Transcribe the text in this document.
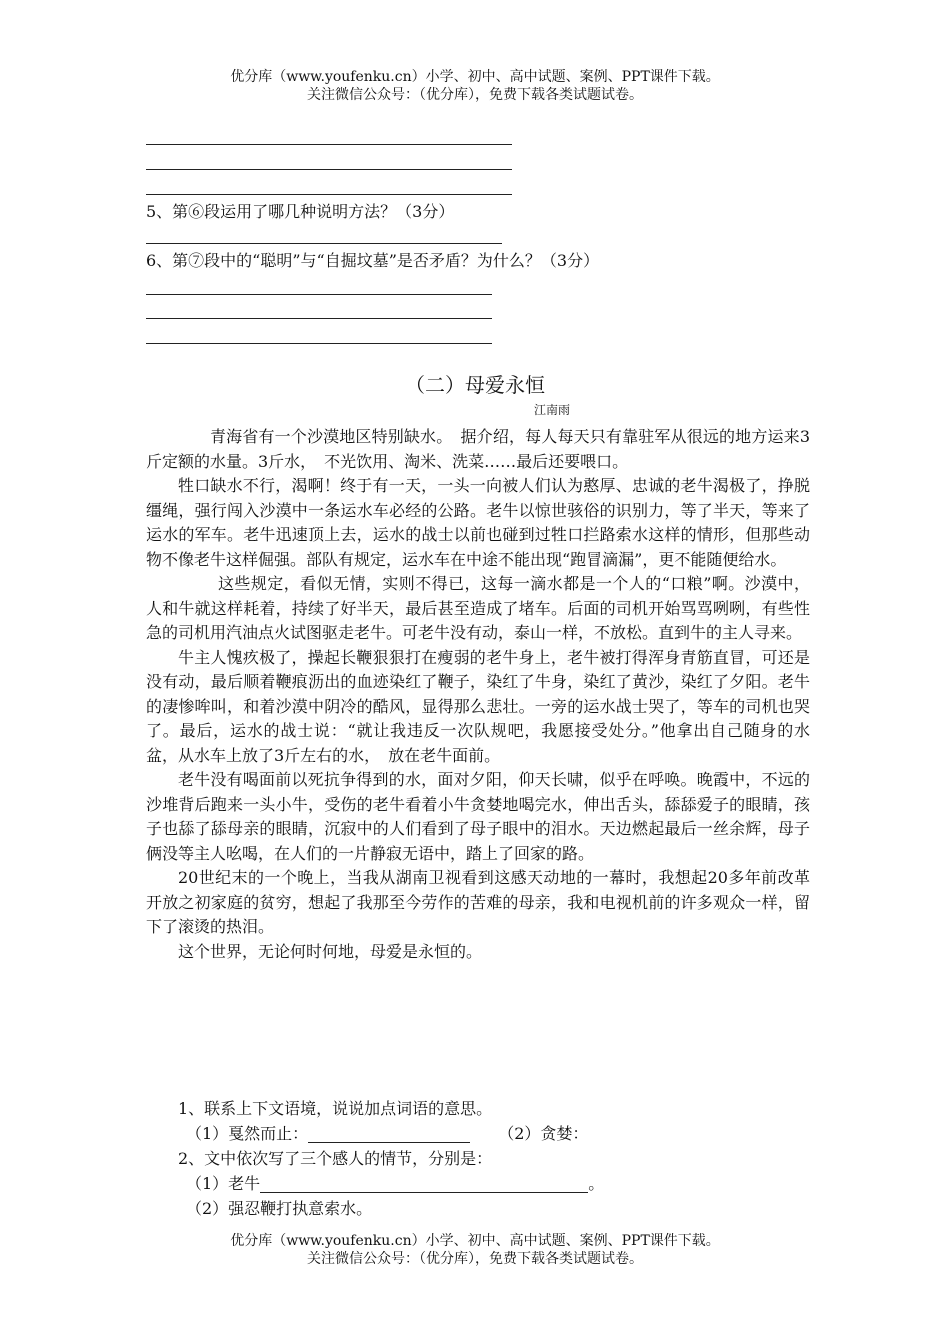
优分库（www.youfenku.cn）小学、初中、高中试题、案例、PPT课件下载。
关注微信公众号：（优分库），免费下载各类试题试卷。
5、第⑥段运用了哪几种说明方法？（3分）
6、第⑦段中的“聪明”与“自掘坟墓”是否矛盾？为什么？（3分）
（二）母爱永恒
江南雨

青海省有一个沙漠地区特别缺水。　据介绍，每人每天只有靠驻军从很远的地方运来3斤定额的水量。3斤水，　不光饮用、淘米、洗菜……最后还要喂口。

牲口缺水不行，渴啊！终于有一天，一头一向被人们认为憨厚、忠诚的老牛渴极了，挣脱缰绳，强行闯入沙漠中一条运水车必经的公路。老牛以惊世骇俗的识别力，等了半天，等来了运水的军车。老牛迅速顶上去，运水的战士以前也碰到过牲口拦路索水这样的情形，但那些动物不像老牛这样倔强。部队有规定，运水车在中途不能出现“跑冒滴漏”，更不能随便给水。

这些规定，看似无情，实则不得已，这每一滴水都是一个人的“口粮”啊。沙漠中，人和牛就这样耗着，持续了好半天，最后甚至造成了堵车。后面的司机开始骂骂咧咧，有些性急的司机用汽油点火试图驱走老牛。可老牛没有动，泰山一样，不放松。直到牛的主人寻来。

牛主人愧疚极了，操起长鞭狠狠打在瘦弱的老牛身上，老牛被打得浑身青筋直冒，可还是没有动，最后顺着鞭痕沥出的血迹染红了鞭子，染红了牛身，染红了黄沙，染红了夕阳。老牛的凄惨哞叫，和着沙漠中阴冷的酷风，显得那么悲壮。一旁的运水战士哭了，等车的司机也哭了。最后，运水的战士说：“就让我违反一次队规吧，我愿接受处分。”他拿出自己随身的水盆，从水车上放了3斤左右的水，　放在老牛面前。

老牛没有喝面前以死抗争得到的水，面对夕阳，仰天长啸，似乎在呼唤。晚霞中，不远的沙堆背后跑来一头小牛，受伤的老牛看着小牛贪婪地喝完水，伸出舌头，舔舔爱子的眼睛，孩子也舔了舔母亲的眼睛，沉寂中的人们看到了母子眼中的泪水。天边燃起最后一丝余辉，母子俩没等主人吆喝，在人们的一片静寂无语中，踏上了回家的路。

20世纪末的一个晚上，当我从湖南卫视看到这感天动地的一幕时，我想起20多年前改革开放之初家庭的贫穷，想起了我那至今劳作的苦难的母亲，我和电视机前的许多观众一样，留下了滚烫的热泪。

这个世界，无论何时何地，母爱是永恒的。

1、联系上下文语境，说说加点词语的意思。
（1）戛然而止：	（2）贪婪：
2、文中依次写了三个感人的情节，分别是：
（1）老牛	。
（2）强忍鞭打执意索水。
优分库（www.youfenku.cn）小学、初中、高中试题、案例、PPT课件下载。
关注微信公众号：（优分库），免费下载各类试题试卷。
